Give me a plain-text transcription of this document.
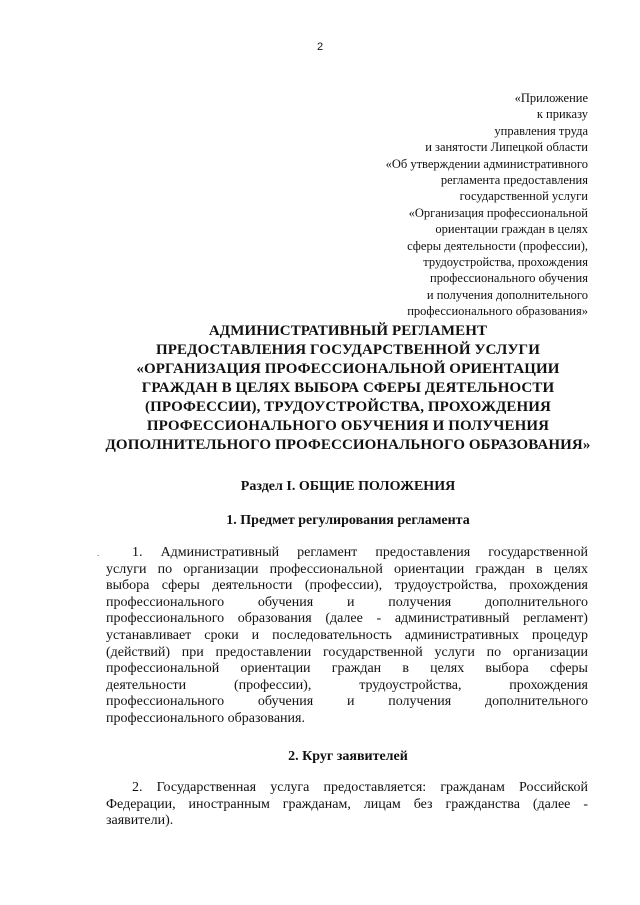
2
«Приложение
к приказу
управления труда
и занятости Липецкой области
«Об утверждении административного
регламента предоставления
государственной услуги
«Организация профессиональной
ориентации граждан в целях
сферы деятельности (профессии),
трудоустройства, прохождения
профессионального обучения
и получения дополнительного
профессионального образования»
АДМИНИСТРАТИВНЫЙ РЕГЛАМЕНТ
ПРЕДОСТАВЛЕНИЯ ГОСУДАРСТВЕННОЙ УСЛУГИ
«ОРГАНИЗАЦИЯ ПРОФЕССИОНАЛЬНОЙ ОРИЕНТАЦИИ
ГРАЖДАН В ЦЕЛЯХ ВЫБОРА СФЕРЫ ДЕЯТЕЛЬНОСТИ
(ПРОФЕССИИ), ТРУДОУСТРОЙСТВА, ПРОХОЖДЕНИЯ
ПРОФЕССИОНАЛЬНОГО ОБУЧЕНИЯ И ПОЛУЧЕНИЯ
ДОПОЛНИТЕЛЬНОГО ПРОФЕССИОНАЛЬНОГО ОБРАЗОВАНИЯ»
Раздел I. ОБЩИЕ ПОЛОЖЕНИЯ
1. Предмет регулирования регламента
. 1. Административный регламент предоставления государственной
услуги по организации профессиональной ориентации граждан в целях
выбора сферы деятельности (профессии), трудоустройства, прохождения
профессионального обучения и получения дополнительного
профессионального образования (далее - административный регламент)
устанавливает сроки и последовательность административных процедур
(действий) при предоставлении государственной услуги по организации
профессиональной ориентации граждан в целях выбора сферы
деятельности	(профессии),	трудоустройства,	прохождения
профессионального обучения и получения дополнительного
профессионального образования.
2. Круг заявителей
2. Государственная услуга предоставляется: гражданам Российской
Федерации, иностранным гражданам, лицам без гражданства (далее -
заявители).
